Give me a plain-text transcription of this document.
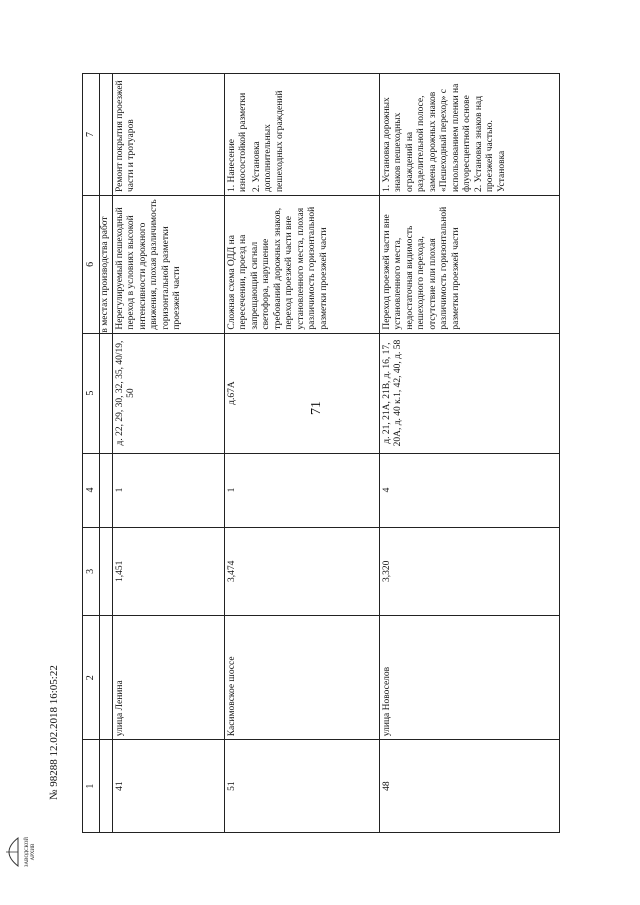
71
1	2	3	4	5	6	7
					в местах производства работ	
41	улица Ленина	1,451	1	д. 22, 29, 30, 32, 35, 40/19, 50	Нерегулируемый пешеходный переход в условиях высокой интенсивности дорожного движения, плохая различимость горизонтальной разметки проезжей части	Ремонт покрытия проезжей части и тротуаров

51	Касимовское шоссе	3,474	1	д.67А	Сложная схема ОДД на пересечении, проезд на запрещающий сигнал светофора, нарушение требований дорожных знаков, переход проезжей части вне установленного места, плохая различимость горизонтальной разметки проезжей части	1. Нанесение износостойкой разметки 2. Установка дополнительных пешеходных ограждений

48	улица Новоселов	3,320	4	д. 21, 21А, 21В, д. 16, 17, 20А, д. 40 к.1, 42, 40, д. 58	Переход проезжей части вне установленного места, недостаточная видимость пешеходного перехода, отсутствие или плохая различимость горизонтальной разметки проезжей части	1. Установка дорожных знаков пешеходных ограждений на разделительной полосе, замена дорожных знаков «Пешеходный переход» с использованием пленки на флуоресцентной основе 2. Установка знаков над проезжей частью. Установка
№ 98288 12.02.2018 16:05:22
ЗАВОДСКОЙ АРХИВ
